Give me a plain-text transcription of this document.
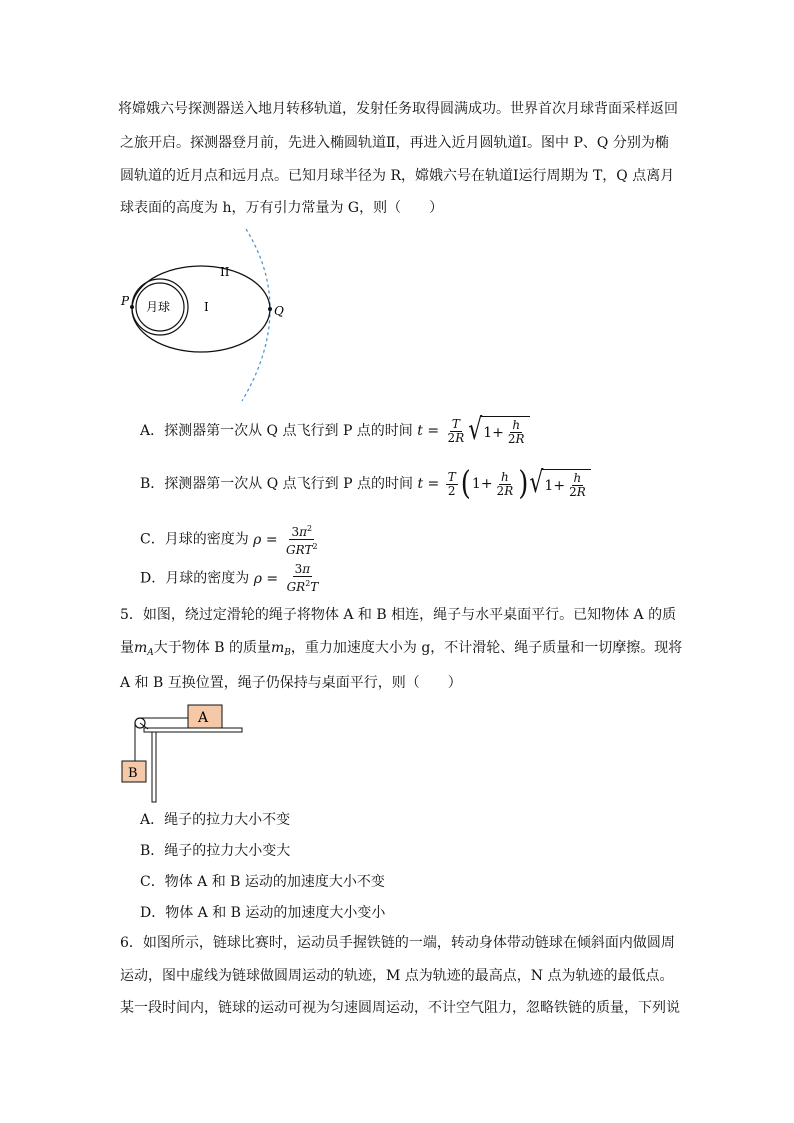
将嫦娥六号探测器送入地月转移轨道，发射任务取得圆满成功。世界首次月球背面采样返回
之旅开启。探测器登月前，先进入椭圆轨道Ⅱ，再进入近月圆轨道Ⅰ。图中 P、Q 分别为椭
圆轨道的近月点和远月点。已知月球半径为 R，嫦娥六号在轨道Ⅰ运行周期为 T，Q 点离月
球表面的高度为 h，万有引力常量为 G，则（　　）
月球	I
II
P
Q
A．探测器第一次从 Q 点飞行到 P 点的时间 $t = \frac{T}{2R}$ √ $1+ \frac{h}{2R}$
B．探测器第一次从 Q 点飞行到 P 点的时间 $t = \frac{T}{2}$ ( $1+ \frac{h}{2R}$ ) √ $1+ \frac{h}{2R}$
C．月球的密度为 $\rho = \frac{3\pi^2}{GRT^2}$
D．月球的密度为 $\rho = \frac{3\pi}{GR^2T}$
5．如图，绕过定滑轮的绳子将物体 A 和 B 相连，绳子与水平桌面平行。已知物体 A 的质
量$m_A$大于物体 B 的质量$m_B$，重力加速度大小为 g，不计滑轮、绳子质量和一切摩擦。现将
A 和 B 互换位置，绳子仍保持与桌面平行，则（　　）
A
B
A．绳子的拉力大小不变
B．绳子的拉力大小变大
C．物体 A 和 B 运动的加速度大小不变
D．物体 A 和 B 运动的加速度大小变小
6．如图所示，链球比赛时，运动员手握铁链的一端，转动身体带动链球在倾斜面内做圆周
运动，图中虚线为链球做圆周运动的轨迹，M 点为轨迹的最高点，N 点为轨迹的最低点。
某一段时间内，链球的运动可视为匀速圆周运动，不计空气阻力，忽略铁链的质量，下列说
